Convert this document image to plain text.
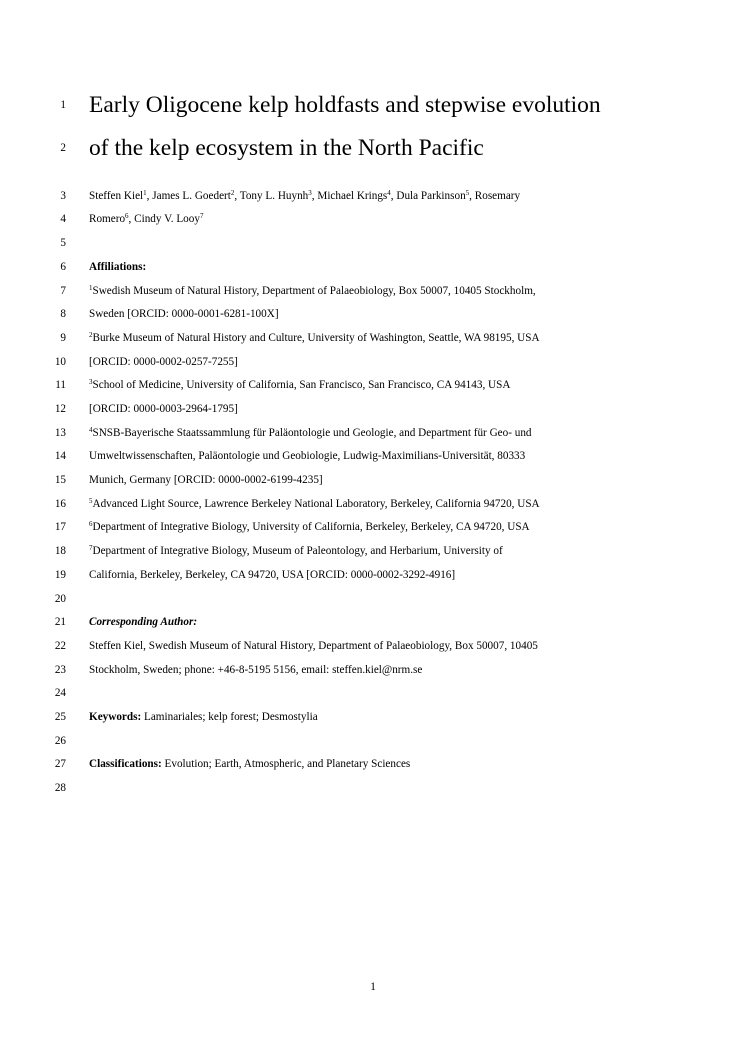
1 Early Oligocene kelp holdfasts and stepwise evolution
2 of the kelp ecosystem in the North Pacific
3 Steffen Kiel$^1$, James L. Goedert$^2$, Tony L. Huynh$^3$, Michael Krings$^4$, Dula Parkinson$^5$, Rosemary
4 Romero$^6$, Cindy V. Looy$^7$
5
6 Affiliations:
7	$^1$Swedish Museum of Natural History, Department of Palaeobiology, Box 50007, 10405 Stockholm,
8 Sweden [ORCID: 0000-0001-6281-100X]
9	$^2$Burke Museum of Natural History and Culture, University of Washington, Seattle, WA 98195, USA
10 [ORCID: 0000-0002-0257-7255]
11	$^3$School of Medicine, University of California, San Francisco, San Francisco, CA 94143, USA
12 [ORCID: 0000-0003-2964-1795]
13	$^4$SNSB-Bayerische Staatssammlung für Paläontologie und Geologie, and Department für Geo- und
14 Umweltwissenschaften, Paläontologie und Geobiologie, Ludwig-Maximilians-Universität, 80333
15 Munich, Germany [ORCID: 0000-0002-6199-4235]
16	$^5$Advanced Light Source, Lawrence Berkeley National Laboratory, Berkeley, California 94720, USA
17	$^6$Department of Integrative Biology, University of California, Berkeley, Berkeley, CA 94720, USA
18	$^7$Department of Integrative Biology, Museum of Paleontology, and Herbarium, University of
19 California, Berkeley, Berkeley, CA 94720, USA [ORCID: 0000-0002-3292-4916]
20
21 Corresponding Author:
22 Steffen Kiel, Swedish Museum of Natural History, Department of Palaeobiology, Box 50007, 10405
23 Stockholm, Sweden; phone: +46-8-5195 5156, email: steffen.kiel@nrm.se
24
25 Keywords: Laminariales; kelp forest; Desmostylia
26
27 Classifications: Evolution; Earth, Atmospheric, and Planetary Sciences
28
1
